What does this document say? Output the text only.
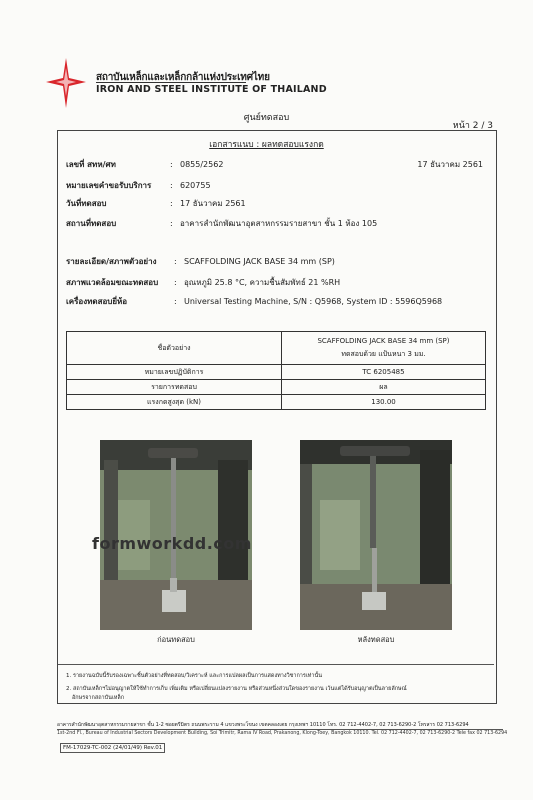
สถาบันเหล็กและเหล็กกล้าแห่งประเทศไทย
IRON AND STEEL INSTITUTE OF THAILAND
ศูนย์ทดสอบ
หน้า 2 / 3
เอกสารแนบ : ผลทดสอบแรงกด
17 ธันวาคม 2561
เลขที่ สทห/ศท	: 0855/2562
หมายเลขคำขอรับบริการ : 620755
วันที่ทดสอบ	: 17 ธันวาคม 2561
สถานที่ทดสอบ	: อาคารสำนักพัฒนาอุตสาหกรรมรายสาขา ชั้น 1 ห้อง 105
รายละเอียด/สภาพตัวอย่าง : SCAFFOLDING JACK BASE 34 mm (SP)
สภาพแวดล้อมขณะทดสอบ : อุณหภูมิ 25.8 °C, ความชื้นสัมพัทธ์ 21 %RH
เครื่องทดสอบยี่ห้อ	: Universal Testing Machine, S/N : Q5968, System ID : 5596Q5968
ชื่อตัวอย่าง	SCAFFOLDING JACK BASE 34 mm (SP)
ทดสอบด้วย แป้นหนา 3 มม.

หมายเลขปฏิบัติการ	TC 6205485
รายการทดสอบ	ผล
แรงกดสูงสุด (kN)	130.00
ก่อนทดสอบ	หลังทดสอบ
formworkdd.com
1. รายงานฉบับนี้รับรองเฉพาะชิ้นตัวอย่างที่ทดสอบ/วิเคราะห์ และการแปลผลเป็นการแสดงทางวิชาการเท่านั้น
2. สถาบันเหล็กฯไม่อนุญาตให้ใช้ทำการเก็บ เพิ่มเติม หรือเปลี่ยนแปลงรายงาน หรือส่วนหนึ่งส่วนใดของรายงาน เว้นแต่ได้รับอนุญาตเป็นลายลักษณ์
อักษรจากสถาบันเหล็ก
อาคารสำนักพัฒนาอุตสาหกรรมรายสาขา ชั้น 1-2 ซอยตรีมิตร ถนนพระราม 4 แขวงพระโขนง เขตคลองเตย กรุงเทพฯ 10110 โทร. 02 712-4402-7, 02 713-6290-2 โทรสาร 02 713-6294
1st-2nd Fl., Bureau of Industrial Sectors Development Building, Soi Trimitr, Rama IV Road, Prakanong, Klong-Toey, Bangkok 10110. Tel. 02 712-4402-7, 02 713-6290-2 Tele fax 02 713-6294
FM-17029-TC-002 (24/01/49) Rev.01
